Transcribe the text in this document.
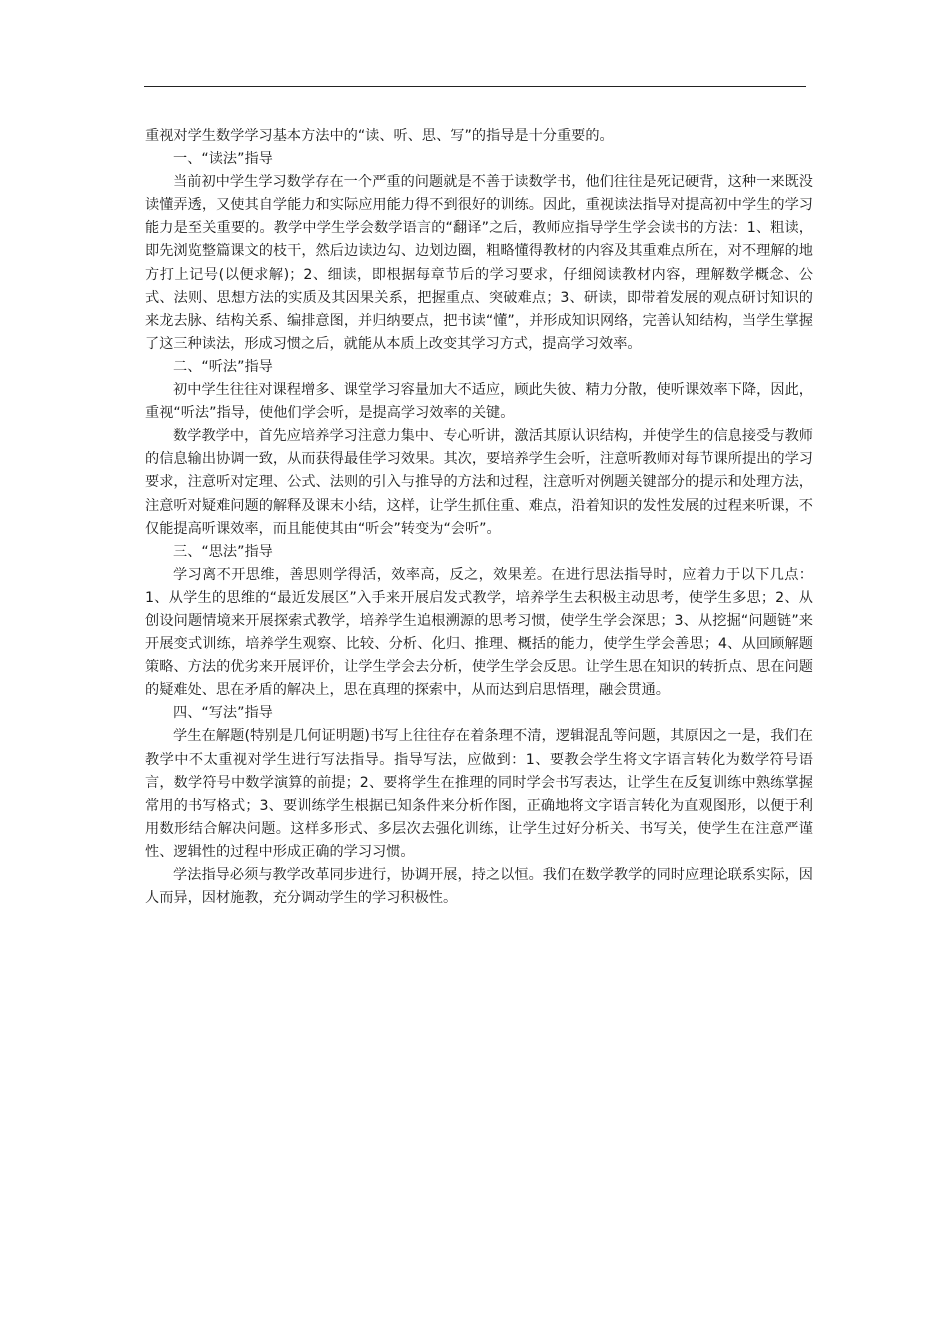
重视对学生数学学习基本方法中的“读、听、思、写”的指导是十分重要的。

一、“读法”指导

当前初中学生学习数学存在一个严重的问题就是不善于读数学书，他们往往是死记硬背，这种一来既没读懂弄透，又使其自学能力和实际应用能力得不到很好的训练。因此，重视读法指导对提高初中学生的学习能力是至关重要的。教学中学生学会数学语言的“翻译”之后，教师应指导学生学会读书的方法：1、粗读，即先浏览整篇课文的枝干，然后边读边勾、边划边圈，粗略懂得教材的内容及其重难点所在，对不理解的地方打上记号(以便求解)；2、细读，即根据每章节后的学习要求，仔细阅读教材内容，理解数学概念、公式、法则、思想方法的实质及其因果关系，把握重点、突破难点；3、研读，即带着发展的观点研讨知识的来龙去脉、结构关系、编排意图，并归纳要点，把书读“懂”，并形成知识网络，完善认知结构，当学生掌握了这三种读法，形成习惯之后，就能从本质上改变其学习方式，提高学习效率。

二、“听法”指导

初中学生往往对课程增多、课堂学习容量加大不适应，顾此失彼、精力分散，使听课效率下降，因此，重视“听法”指导，使他们学会听，是提高学习效率的关键。

数学教学中，首先应培养学习注意力集中、专心听讲，激活其原认识结构，并使学生的信息接受与教师的信息输出协调一致，从而获得最佳学习效果。其次，要培养学生会听，注意听教师对每节课所提出的学习要求，注意听对定理、公式、法则的引入与推导的方法和过程，注意听对例题关键部分的提示和处理方法，注意听对疑难问题的解释及课末小结，这样，让学生抓住重、难点，沿着知识的发性发展的过程来听课，不仅能提高听课效率，而且能使其由“听会”转变为“会听”。

三、“思法”指导

学习离不开思维，善思则学得活，效率高，反之，效果差。在进行思法指导时，应着力于以下几点：1、从学生的思维的“最近发展区”入手来开展启发式教学，培养学生去积极主动思考，使学生多思；2、从创设问题情境来开展探索式教学，培养学生追根溯源的思考习惯，使学生学会深思；3、从挖掘“问题链”来开展变式训练，培养学生观察、比较、分析、化归、推理、概括的能力，使学生学会善思；4、从回顾解题策略、方法的优劣来开展评价，让学生学会去分析，使学生学会反思。让学生思在知识的转折点、思在问题的疑难处、思在矛盾的解决上，思在真理的探索中，从而达到启思悟理，融会贯通。

四、“写法”指导

学生在解题(特别是几何证明题)书写上往往存在着条理不清，逻辑混乱等问题，其原因之一是，我们在教学中不太重视对学生进行写法指导。指导写法，应做到：1、要教会学生将文字语言转化为数学符号语言，数学符号中数学演算的前提；2、要将学生在推理的同时学会书写表达，让学生在反复训练中熟练掌握常用的书写格式；3、要训练学生根据已知条件来分析作图，正确地将文字语言转化为直观图形，以便于利用数形结合解决问题。这样多形式、多层次去强化训练，让学生过好分析关、书写关，使学生在注意严谨性、逻辑性的过程中形成正确的学习习惯。

学法指导必须与教学改革同步进行，协调开展，持之以恒。我们在数学教学的同时应理论联系实际，因人而异，因材施教，充分调动学生的学习积极性。
